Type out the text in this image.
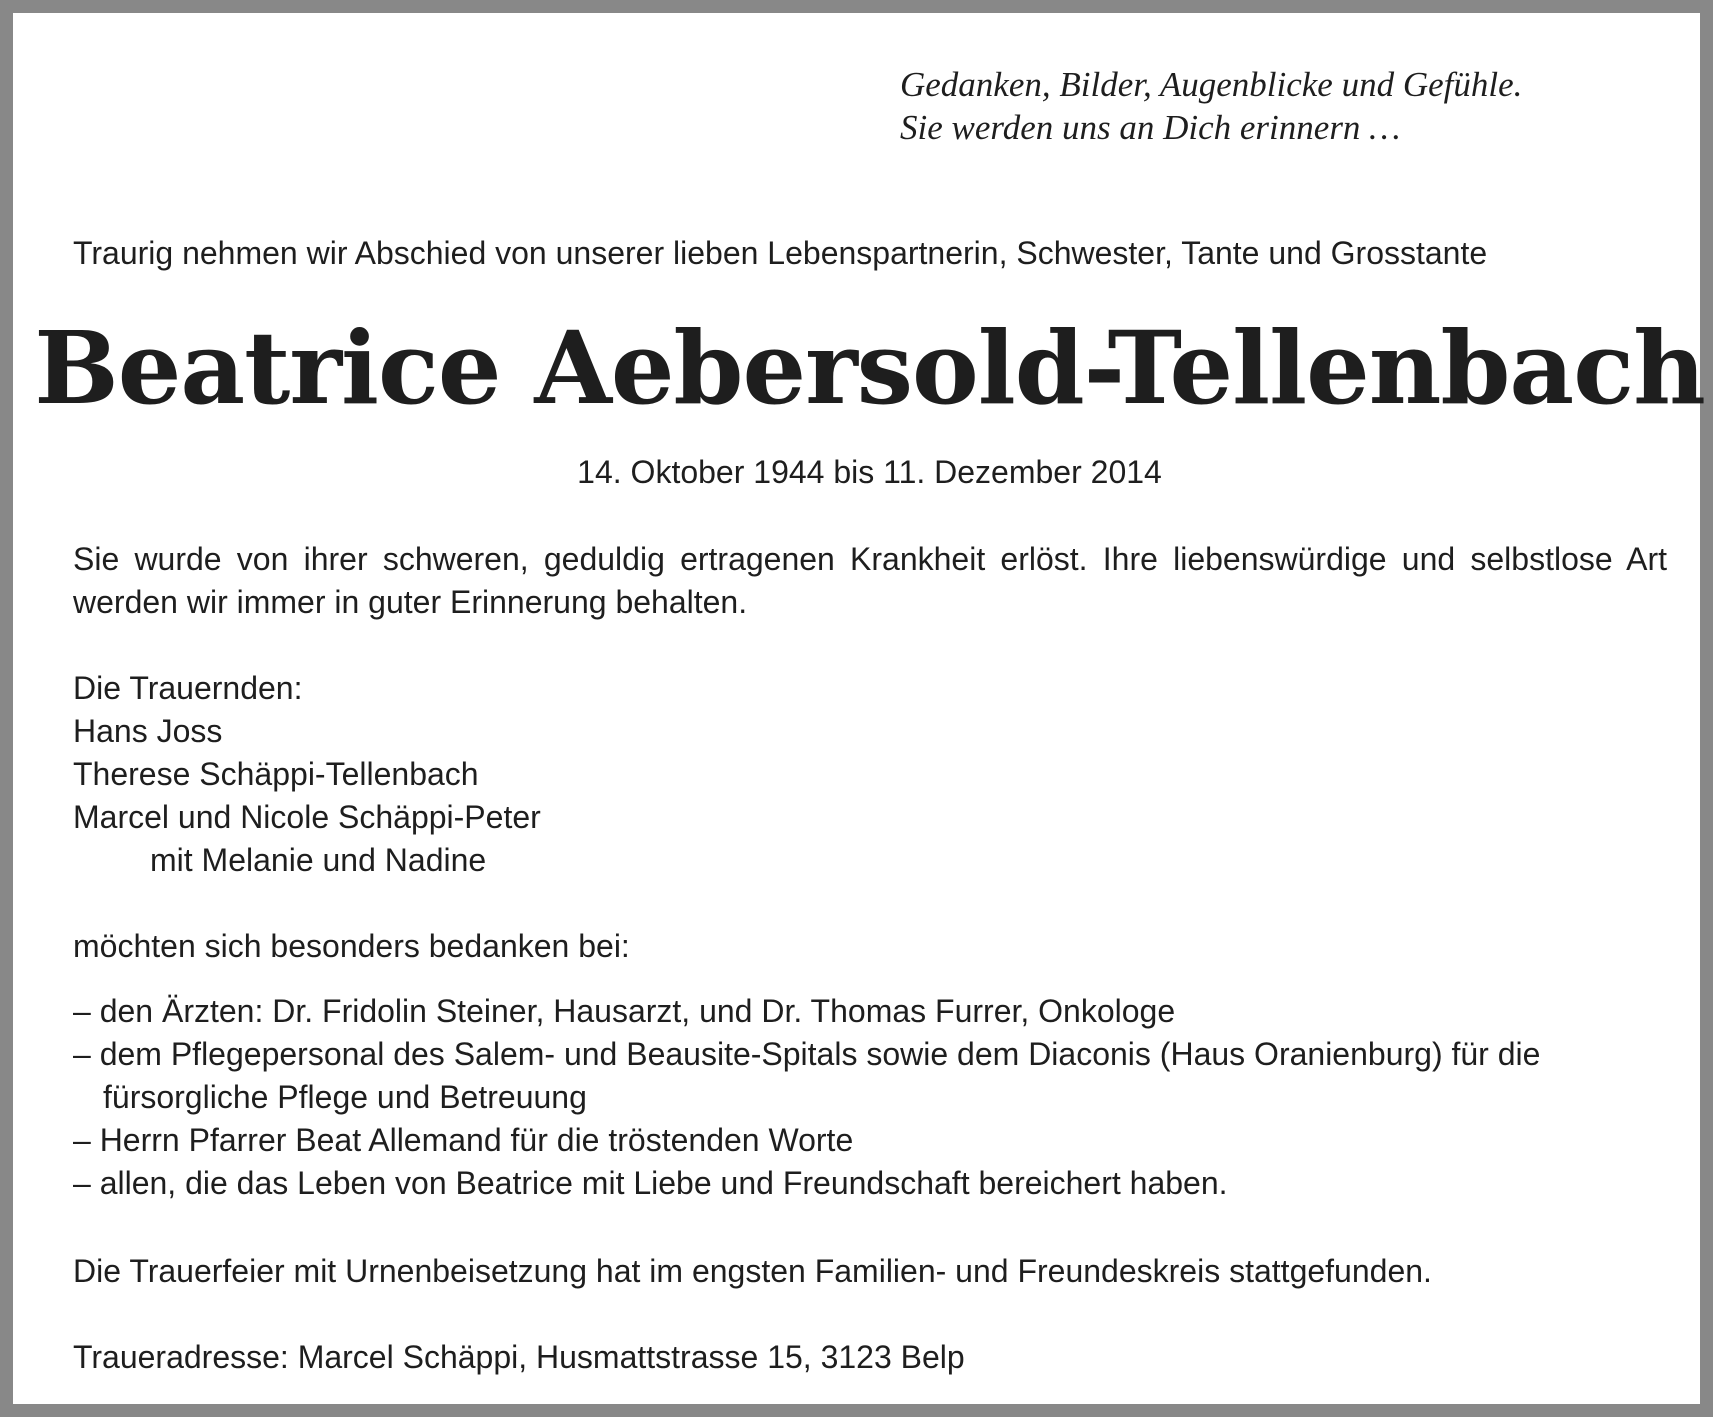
Gedanken, Bilder, Augenblicke und Gefühle.

Sie werden uns an Dich erinnern …

Traurig nehmen wir Abschied von unserer lieben Lebenspartnerin, Schwester, Tante und Grosstante

Beatrice Aebersold-Tellenbach

14. Oktober 1944 bis 11. Dezember 2014

Sie wurde von ihrer schweren, geduldig ertragenen Krankheit erlöst. Ihre liebenswürdige und selbstlose Art werden wir immer in guter Erinnerung behalten.

Die Trauernden:

Hans Joss

Therese Schäppi-Tellenbach

Marcel und Nicole Schäppi-Peter

mit Melanie und Nadine

möchten sich besonders bedanken bei:

– den Ärzten: Dr. Fridolin Steiner, Hausarzt, und Dr. Thomas Furrer, Onkologe

– dem Pflegepersonal des Salem- und Beausite-Spitals sowie dem Diaconis (Haus Oranienburg) für die

fürsorgliche Pflege und Betreuung

– Herrn Pfarrer Beat Allemand für die tröstenden Worte

– allen, die das Leben von Beatrice mit Liebe und Freundschaft bereichert haben.

Die Trauerfeier mit Urnenbeisetzung hat im engsten Familien- und Freundeskreis stattgefunden.

Traueradresse: Marcel Schäppi, Husmattstrasse 15, 3123 Belp
